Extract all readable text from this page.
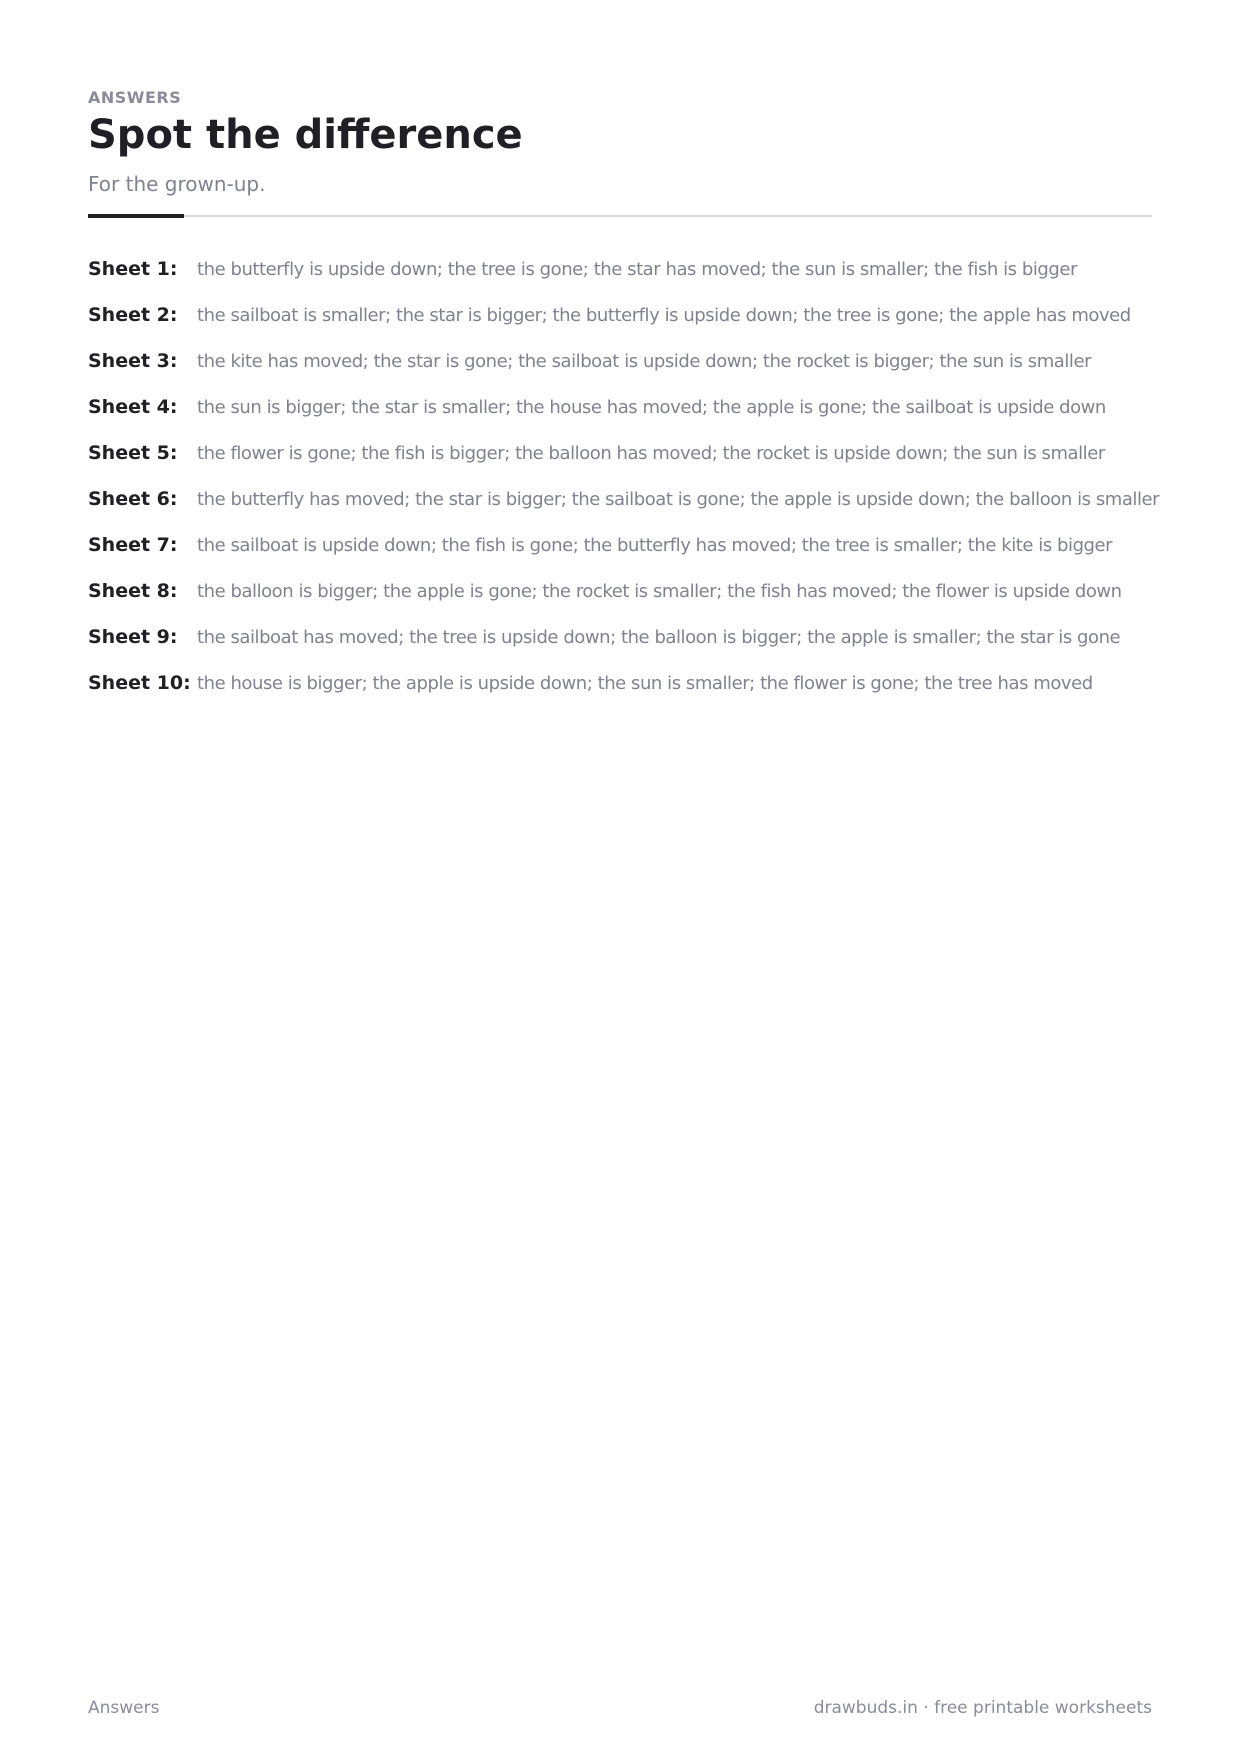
ANSWERS
Spot the difference
For the grown-up.
Sheet 1:	the butterfly is upside down; the tree is gone; the star has moved; the sun is smaller; the fish is bigger
Sheet 2:	the sailboat is smaller; the star is bigger; the butterfly is upside down; the tree is gone; the apple has moved
Sheet 3:	the kite has moved; the star is gone; the sailboat is upside down; the rocket is bigger; the sun is smaller
Sheet 4:	the sun is bigger; the star is smaller; the house has moved; the apple is gone; the sailboat is upside down
Sheet 5:	the flower is gone; the fish is bigger; the balloon has moved; the rocket is upside down; the sun is smaller
Sheet 6:	the butterfly has moved; the star is bigger; the sailboat is gone; the apple is upside down; the balloon is smaller
Sheet 7:	the sailboat is upside down; the fish is gone; the butterfly has moved; the tree is smaller; the kite is bigger
Sheet 8:	the balloon is bigger; the apple is gone; the rocket is smaller; the fish has moved; the flower is upside down
Sheet 9:	the sailboat has moved; the tree is upside down; the balloon is bigger; the apple is smaller; the star is gone
Sheet 10: the house is bigger; the apple is upside down; the sun is smaller; the flower is gone; the tree has moved
Answers	drawbuds.in · free printable worksheets
